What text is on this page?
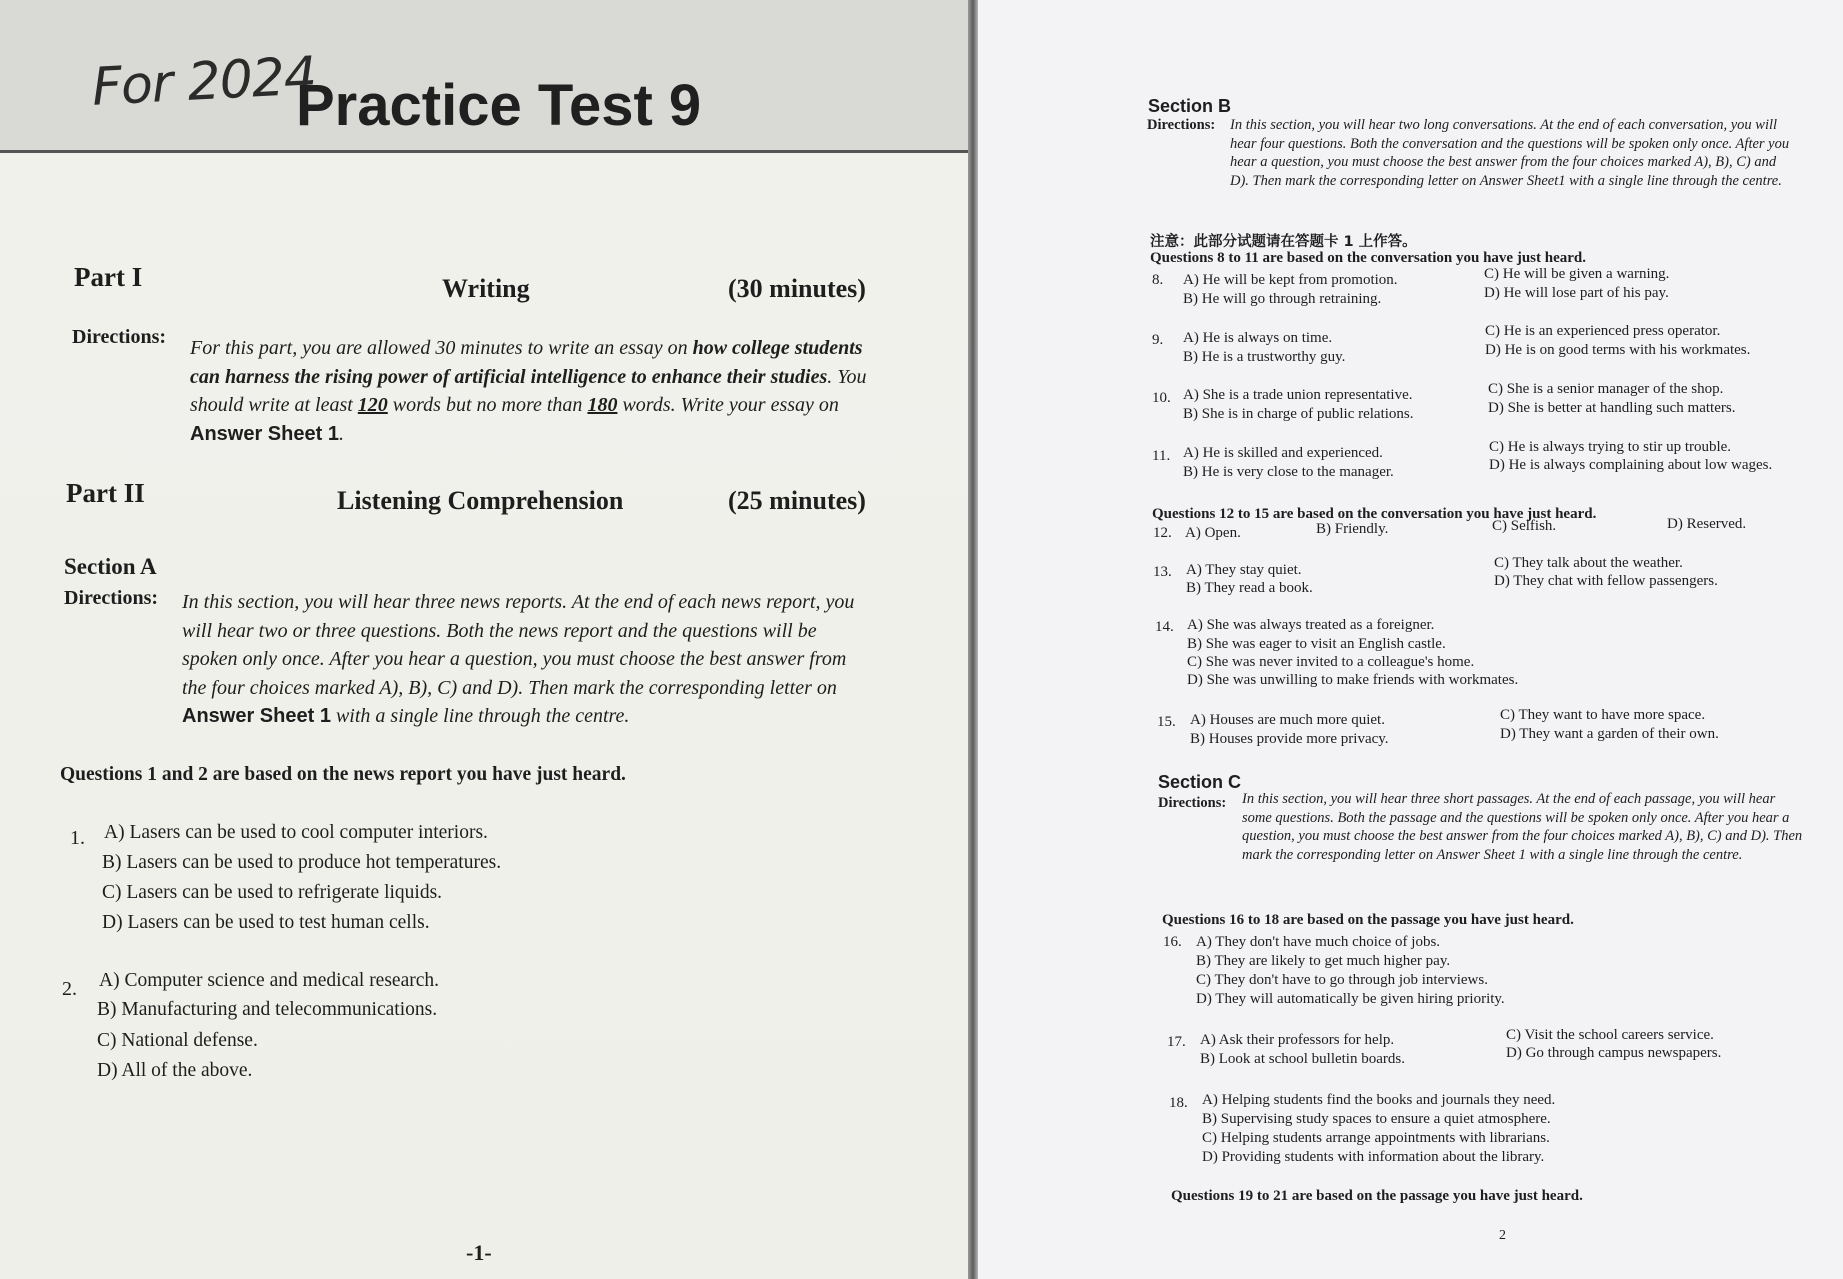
For 2024
Practice Test 9
Part I	Writing	(30 minutes)
Directions: For this part, you are allowed 30 minutes to write an essay on how college students can harness the rising power of artificial intelligence to enhance their studies. You should write at least 120 words but no more than 180 words. Write your essay on Answer Sheet 1.

Part II	Listening Comprehension	(25 minutes)
Section A
Directions: In this section, you will hear three news reports. At the end of each news report, you will hear two or three questions. Both the news report and the questions will be spoken only once. After you hear a question, you must choose the best answer from the four choices marked A), B), C) and D). Then mark the corresponding letter on Answer Sheet 1 with a single line through the centre.

Questions 1 and 2 are based on the news report you have just heard.
1. A) Lasers can be used to cool computer interiors.
B) Lasers can be used to produce hot temperatures.
C) Lasers can be used to refrigerate liquids.
D) Lasers can be used to test human cells.
2. A) Computer science and medical research.
B) Manufacturing and telecommunications.
C) National defense.
D) All of the above.
-1-
Section B
Directions: In this section, you will hear two long conversations. At the end of each conversation, you will hear four questions. Both the conversation and the questions will be spoken only once. After you hear a question, you must choose the best answer from the four choices marked A), B), C) and D). Then mark the corresponding letter on Answer Sheet1 with a single line through the centre.

注意：此部分试题请在答题卡 1 上作答。
Questions 8 to 11 are based on the conversation you have just heard.
8. A) He will be kept from promotion.
B) He will go through retraining.
C) He will be given a warning.
D) He will lose part of his pay.
9. A) He is always on time.
B) He is a trustworthy guy.
C) He is an experienced press operator.
D) He is on good terms with his workmates.
10. A) She is a trade union representative.
B) She is in charge of public relations.
C) She is a senior manager of the shop.
D) She is better at handling such matters.
11. A) He is skilled and experienced.
B) He is very close to the manager.
C) He is always trying to stir up trouble.
D) He is always complaining about low wages.
Questions 12 to 15 are based on the conversation you have just heard.
12. A) Open.	B) Friendly.	C) Selfish.	D) Reserved.
13. A) They stay quiet.
B) They read a book.
C) They talk about the weather.
D) They chat with fellow passengers.
14. A) She was always treated as a foreigner.
B) She was eager to visit an English castle.
C) She was never invited to a colleague's home.
D) She was unwilling to make friends with workmates.
15. A) Houses are much more quiet.
B) Houses provide more privacy.
C) They want to have more space.
D) They want a garden of their own.
Section C
Directions: In this section, you will hear three short passages. At the end of each passage, you will hear some questions. Both the passage and the questions will be spoken only once. After you hear a question, you must choose the best answer from the four choices marked A), B), C) and D). Then mark the corresponding letter on Answer Sheet 1 with a single line through the centre.

Questions 16 to 18 are based on the passage you have just heard.
16. A) They don't have much choice of jobs.
B) They are likely to get much higher pay.
C) They don't have to go through job interviews.
D) They will automatically be given hiring priority.
17. A) Ask their professors for help.
B) Look at school bulletin boards.
C) Visit the school careers service.
D) Go through campus newspapers.
18. A) Helping students find the books and journals they need.
B) Supervising study spaces to ensure a quiet atmosphere.
C) Helping students arrange appointments with librarians.
D) Providing students with information about the library.
Questions 19 to 21 are based on the passage you have just heard.
2
